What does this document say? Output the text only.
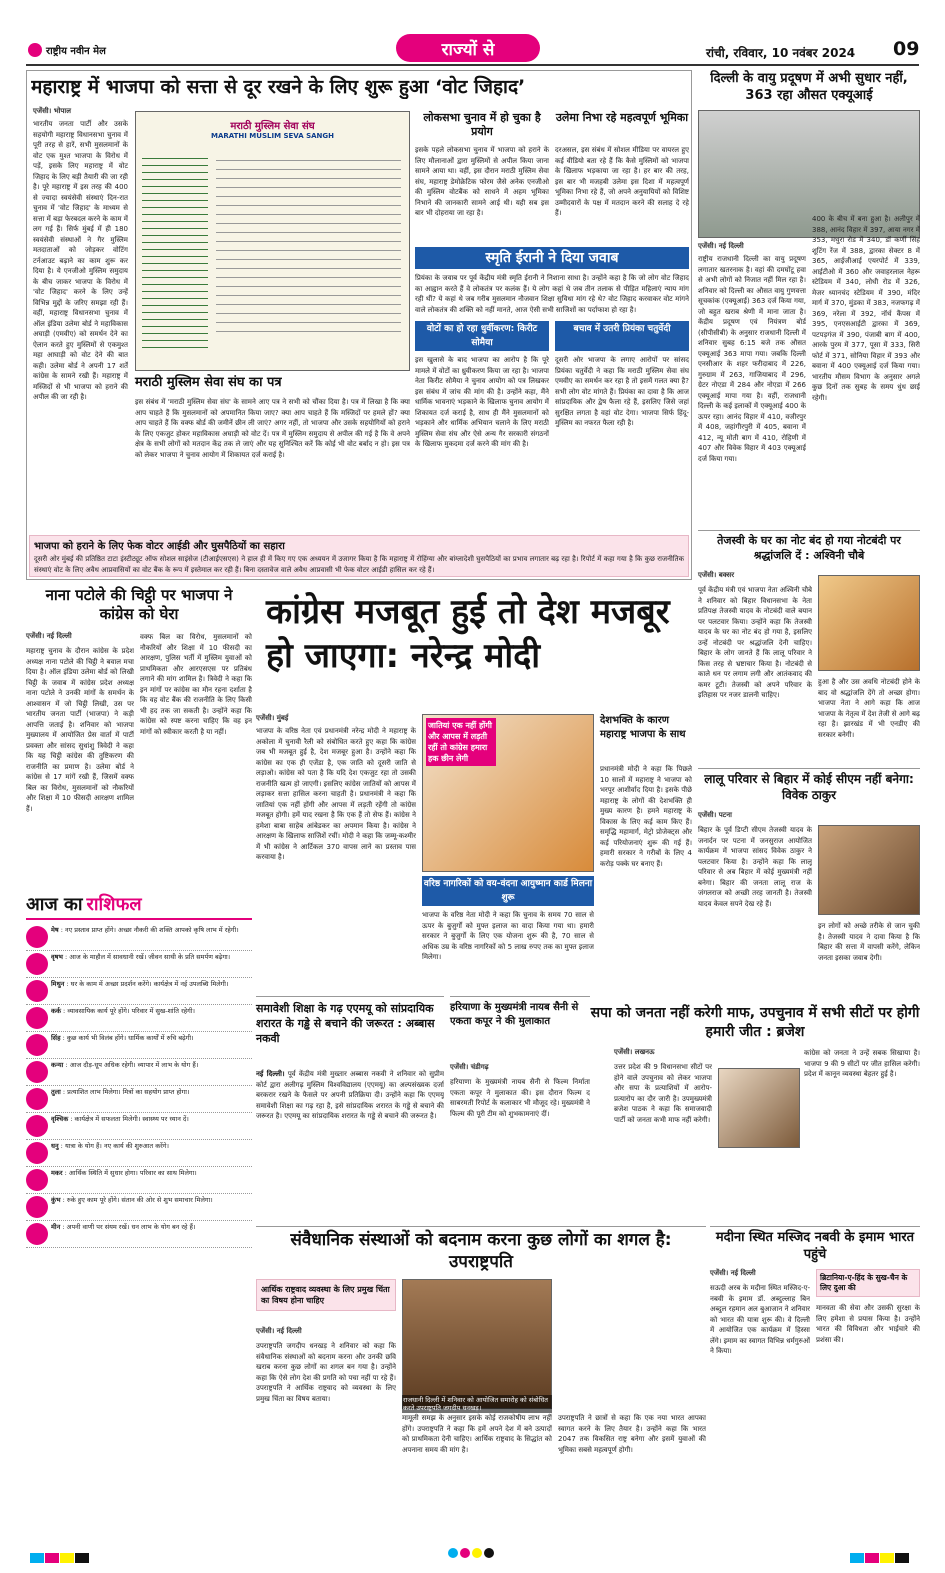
राष्ट्रीय नवीन मेल	राज्यों से	रांची, रविवार, 10 नवंबर 2024	09
महाराष्ट्र में भाजपा को सत्ता से दूर रखने के लिए शुरू हुआ ‘वोट जिहाद’
एजेंसी। भोपाल
भारतीय जनता पार्टी और उसके सहयोगी महाराष्ट्र विधानसभा चुनाव में पूरी तरह से हारें, सभी मुसलमानों के वोट एक मुश्त भाजपा के विरोध में पड़ें, इसके लिए महाराष्ट्र में वोट जिहाद के लिए बड़ी तैयारी की जा रही है। पूरे महाराष्ट्र में इस तरह की 400 से ज्यादा स्वयंसेवी संस्थाएं दिन-रात चुनाव में 'वोट जिहाद' के माध्यम से सत्ता में बड़ा फेरबदल करने के काम में लग गई हैं। सिर्फ मुंबई में ही 180 स्वयंसेवी संस्थाओं ने गैर मुस्लिम मतदाताओं को जोड़कर वोटिंग टर्नआउट बढ़ाने का काम शुरू कर दिया है। ये एनजीओ मुस्लिम समुदाय के बीच जाकर भाजपा के विरोध में 'वोट जिहाद' करने के लिए उन्हें विभिन्न मुद्दों के जरिए समझा रही हैं। वहीं, महाराष्ट्र विधानसभा चुनाव में ऑल इंडिया उलेमा बोर्ड ने महाविकास अघाड़ी (एमवीए) को समर्थन देने का ऐलान करते हुए मुस्लिमों से एकमुश्त महा आघाड़ी को वोट देने की बात कही। उलेमा बोर्ड ने अपनी 17 शर्तें कांग्रेस के सामने रखी हैं। महाराष्ट्र में मस्जिदों से भी भाजपा को हराने की अपील की जा रही है।
मराठी मुस्लिम सेवा संघ
MARATHI MUSLIM SEVA SANGH
लोकसभा चुनाव में हो चुका है प्रयोग
इसके पहले लोकसभा चुनाव में भाजपा को हराने के लिए मौलानाओं द्वारा मुस्लिमों से अपील किया जाना सामने आया था। वहीं, इस दौरान मराठी मुस्लिम सेवा संघ, महाराष्ट्र डेमोक्रेटिक फोरम जैसे अनेक एनजीओ की मुस्लिम वोटबैंक को साधने में अहम भूमिका निभाने की जानकारी सामने आई थी। यही सब इस बार भी दोहराया जा रहा है।
उलेमा निभा रहे महत्वपूर्ण भूमिका
दरअसल, इस संबंध में सोशल मीडिया पर वायरल हुए कई वीडियो बता रहे हैं कि कैसे मुस्लिमों को भाजपा के खिलाफ भड़काया जा रहा है। हर बार की तरह, इस बार भी मजहबी उलेमा इस दिशा में महत्वपूर्ण भूमिका निभा रहे हैं, जो अपने अनुयायियों को विशिष्ट उम्मीदवारों के पक्ष में मतदान करने की सलाह दे रहे हैं।
स्मृति ईरानी ने दिया जवाब
प्रियंका के जवाब पर पूर्व केंद्रीय मंत्री स्मृति ईरानी ने निशाना साधा है। उन्होंने कहा है कि जो लोग वोट जिहाद का आह्वान करते हैं वे लोकतंत्र पर कलंक हैं। ये लोग कहां थे जब तीन तलाक से पीड़ित महिलाएं न्याय मांग रही थीं? ये कहां थे जब गरीब मुसलमान नौजवान शिक्षा सुविधा मांग रहे थे? वोट जिहाद करवाकर वोट मांगने वाले लोकतंत्र की शक्ति को नहीं मानते, आज ऐसी सभी साजिशों का पर्दाफाश हो रहा है।
वोटों का हो रहा धुर्वीकरण: किरीट सोमैया
इस खुलासे के बाद भाजपा का आरोप है कि पूरे मामले में वोटों का ध्रुवीकरण किया जा रहा है। भाजपा नेता किरीट सोमैया ने चुनाव आयोग को पत्र लिखकर इस संबंध में जांच की मांग की है। उन्होंने कहा, मैंने धार्मिक भावनाएं भड़काने के खिलाफ चुनाव आयोग में शिकायत दर्ज कराई है, साथ ही मैंने मुसलमानों को भड़काने और धार्मिक अभियान चलाने के लिए मराठी मुस्लिम सेवा संघ और ऐसे अन्य गैर सरकारी संगठनों के खिलाफ मुकदमा दर्ज करने की मांग की है।
बचाव में उतरी प्रियंका चतुर्वेदी
दूसरी ओर भाजपा के लगाए आरोपों पर सांसद प्रियंका चतुर्वेदी ने कहा कि मराठी मुस्लिम सेवा संघ एमवीए का समर्थन कर रहा है तो इसमें गलत क्या है? सभी लोग वोट मांगते हैं। प्रियंका का दावा है कि आज सांप्रदायिक और द्वेष फैला रहे हैं, इसलिए जिसे जहां सुरक्षित लगता है वहां वोट देगा। भाजपा सिर्फ हिंदू-मुस्लिम का नफरत फैला रही है।
मराठी मुस्लिम सेवा संघ का पत्र
इस संबंध में 'मराठी मुस्लिम सेवा संघ' के सामने आए पत्र ने सभी को चौंका दिया है। पत्र में लिखा है कि क्या आप चाहते हैं कि मुसलमानों को अपमानित किया जाए? क्या आप चाहते हैं कि मस्जिदों पर हमले हों? क्या आप चाहते हैं कि वक्फ बोर्ड की जमीनें छीन ली जाएं? अगर नहीं, तो भाजपा और उसके सहयोगियों को हराने के लिए एकजुट होकर महाविकास अघाड़ी को वोट दें। पत्र में मुस्लिम समुदाय से अपील की गई है कि वे अपने क्षेत्र के सभी लोगों को मतदान केंद्र तक ले जाएं और यह सुनिश्चित करें कि कोई भी वोट बर्बाद न हो। इस पत्र को लेकर भाजपा ने चुनाव आयोग में शिकायत दर्ज कराई है।
भाजपा को हराने के लिए फेक वोटर आईडी और घुसपैठियों का सहारा
दूसरी ओर मुंबई की प्रतिष्ठित टाटा इंस्टीट्यूट ऑफ सोशल साइंसेज (टीआईएसएस) ने हाल ही में किए गए एक अध्ययन में उजागर किया है कि महाराष्ट्र में रोहिंग्या और बांग्लादेशी घुसपैठियों का प्रभाव लगातार बढ़ रहा है। रिपोर्ट में कहा गया है कि कुछ राजनीतिक संस्थाएं वोट के लिए अवैध आप्रवासियों का वोट बैंक के रूप में इस्तेमाल कर रही हैं। बिना दस्तावेज वाले अवैध आप्रवासी भी फेक वोटर आईडी हासिल कर रहे हैं।
दिल्ली के वायु प्रदूषण में अभी सुधार नहीं, 363 रहा औसत एक्यूआई
एजेंसी। नई दिल्ली
राष्ट्रीय राजधानी दिल्ली का वायु प्रदूषण लगातार खतरनाक है। वहां की दमघोंटू हवा से अभी लोगों को निजात नहीं मिल रहा है। शनिवार को दिल्ली का औसत वायु गुणवत्ता सूचकांक (एक्यूआई) 363 दर्ज किया गया, जो बहुत खराब श्रेणी में माना जाता है। केंद्रीय प्रदूषण एवं नियंत्रण बोर्ड (सीपीसीबी) के अनुसार राजधानी दिल्ली में शनिवार सुबह 6:15 बजे तक औसत एक्यूआई 363 मापा गया। जबकि दिल्ली एनसीआर के शहर फरीदाबाद में 226, गुरुग्राम में 263, गाजियाबाद में 296, ग्रेटर नोएडा में 284 और नोएडा में 266 एक्यूआई मापा गया है। वहीं, राजधानी दिल्ली के कई इलाकों में एक्यूआई 400 के ऊपर रहा। आनंद विहार में 410, वजीरपुर में 408, जहांगीरपुरी में 405, बवाना में 412, न्यू मोती बाग में 410, रोहिणी में 407 और विवेक विहार में 403 एक्यूआई दर्ज किया गया।
400 के बीच में बना हुआ है। अलीपुर में 388, आनंद विहार में 397, आया नगर में 353, मथुरा रोड में 340, डॉ कर्णी सिंह शूटिंग रेंज में 388, द्वारका सेक्टर 8 में 365, आईजीआई एयरपोर्ट में 339, आईटीओ में 360 और जवाहरलाल नेहरू स्टेडियम में 340, लोधी रोड में 326, मेजर ध्यानचंद स्टेडियम में 390, मंदिर मार्ग में 370, मुंडका में 383, नजफगढ़ में 369, नरेला में 392, नॉर्थ कैंपस में 395, एनएसआईटी द्वारका में 369, पटपड़गंज में 390, पंजाबी बाग में 400, आरके पुरम में 377, पूसा में 333, सिरी फोर्ट में 371, सोनिया विहार में 393 और बवाना में 400 एक्यूआई दर्ज किया गया। भारतीय मौसम विभाग के अनुसार अगले कुछ दिनों तक सुबह के समय धुंध छाई रहेगी।
तेजस्वी के घर का नोट बंद हो गया नोटबंदी पर श्रद्धांजलि दें : अश्विनी चौबे
एजेंसी। बक्सर
पूर्व केंद्रीय मंत्री एवं भाजपा नेता अश्विनी चौबे ने शनिवार को बिहार विधानसभा के नेता प्रतिपक्ष तेजस्वी यादव के नोटबंदी वाले बयान पर पलटवार किया। उन्होंने कहा कि तेजस्वी यादव के घर का नोट बंद हो गया है, इसलिए उन्हें नोटबंदी पर श्रद्धांजलि देनी चाहिए। बिहार के लोग जानते हैं कि लालू परिवार ने किस तरह से भ्रष्टाचार किया है। नोटबंदी से काले धन पर लगाम लगी और आतंकवाद की कमर टूटी। तेजस्वी को अपने परिवार के इतिहास पर नजर डालनी चाहिए।
हुआ है और उस अवधि नोटबंदी होने के बाद वो श्रद्धांजलि देंगे तो अच्छा होगा। भाजपा नेता ने आगे कहा कि आज भाजपा के नेतृत्व में देश तेजी से आगे बढ़ रहा है। झारखंड में भी एनडीए की सरकार बनेगी।
लालू परिवार से बिहार में कोई सीएम नहीं बनेगा: विवेक ठाकुर
एजेंसी। पटना
बिहार के पूर्व डिप्टी सीएम तेजस्वी यादव के जनार्दन पर पटना में जनसुराज आयोजित कार्यक्रम में भाजपा सांसद विवेक ठाकुर ने पलटवार किया है। उन्होंने कहा कि लालू परिवार से अब बिहार में कोई मुख्यमंत्री नहीं बनेगा। बिहार की जनता लालू राज के जंगलराज को अच्छी तरह जानती है। तेजस्वी यादव केवल सपने देख रहे हैं।
इन लोगों को अच्छे तरीके से जान चुकी है। तेजस्वी यादव ने दावा किया है कि बिहार की सत्ता में वापसी करेंगे, लेकिन जनता इसका जवाब देगी।
नाना पटोले की चिट्ठी पर भाजपा ने कांग्रेस को घेरा
एजेंसी। नई दिल्ली
महाराष्ट्र चुनाव के दौरान कांग्रेस के प्रदेश अध्यक्ष नाना पटोले की चिट्ठी ने बवाल मचा दिया है। ऑल इंडिया उलेमा बोर्ड को लिखी चिट्ठी के जवाब में कांग्रेस प्रदेश अध्यक्ष नाना पटोले ने उनकी मांगों के समर्थन के आश्वासन में जो चिट्ठी लिखी, उस पर भारतीय जनता पार्टी (भाजपा) ने कड़ी आपत्ति जताई है। शनिवार को भाजपा मुख्यालय में आयोजित प्रेस वार्ता में पार्टी प्रवक्ता और सांसद सुधांशु त्रिवेदी ने कहा कि यह चिट्ठी कांग्रेस की तुष्टिकरण की राजनीति का प्रमाण है। उलेमा बोर्ड ने कांग्रेस से 17 मांगें रखी हैं, जिसमें वक्फ बिल का विरोध, मुसलमानों को नौकरियों और शिक्षा में 10 फीसदी आरक्षण शामिल हैं।
वक्फ बिल का विरोध, मुसलमानों को नौकरियों और शिक्षा में 10 फीसदी का आरक्षण, पुलिस भर्ती में मुस्लिम युवाओं को प्राथमिकता और आरएसएस पर प्रतिबंध लगाने की मांग शामिल है। त्रिवेदी ने कहा कि इन मांगों पर कांग्रेस का मौन रहना दर्शाता है कि वह वोट बैंक की राजनीति के लिए किसी भी हद तक जा सकती है। उन्होंने कहा कि कांग्रेस को स्पष्ट करना चाहिए कि वह इन मांगों को स्वीकार करती है या नहीं।
कांग्रेस मजबूत हुई तो देश मजबूर हो जाएगा: नरेन्द्र मोदी
एजेंसी। मुंबई
भाजपा के वरिष्ठ नेता एवं प्रधानमंत्री नरेन्द्र मोदी ने महाराष्ट्र के अकोला में चुनावी रैली को संबोधित करते हुए कहा कि कांग्रेस जब भी मजबूत हुई है, देश मजबूर हुआ है। उन्होंने कहा कि कांग्रेस का एक ही एजेंडा है, एक जाति को दूसरी जाति से लड़ाओ। कांग्रेस को पता है कि यदि देश एकजुट रहा तो उसकी राजनीति खत्म हो जाएगी। इसलिए कांग्रेस जातियों को आपस में लड़ाकर सत्ता हासिल करना चाहती है। प्रधानमंत्री ने कहा कि जातियां एक नहीं होंगी और आपस में लड़ती रहेंगी तो कांग्रेस मजबूत होगी। हमें याद रखना है कि एक हैं तो सेफ हैं। कांग्रेस ने हमेशा बाबा साहेब आंबेडकर का अपमान किया है। कांग्रेस ने आरक्षण के खिलाफ साजिशें रचीं। मोदी ने कहा कि जम्मू-कश्मीर में भी कांग्रेस ने आर्टिकल 370 वापस लाने का प्रस्ताव पास करवाया है।
जातियां एक नहीं होंगी और आपस में लड़ती रहीं तो कांग्रेस हमारा हक छीन लेगी
वरिष्ठ नागरिकों को वय-वंदना आयुष्मान कार्ड मिलना शुरू
भाजपा के वरिष्ठ नेता मोदी ने कहा कि चुनाव के समय 70 साल से ऊपर के बुजुर्गों को मुफ्त इलाज का वादा किया गया था। हमारी सरकार ने बुजुर्गों के लिए एक योजना शुरू की है, 70 साल से अधिक उम्र के वरिष्ठ नागरिकों को 5 लाख रुपए तक का मुफ्त इलाज मिलेगा।
देशभक्ति के कारण महाराष्ट्र भाजपा के साथ
प्रधानमंत्री मोदी ने कहा कि पिछले 10 सालों में महाराष्ट्र ने भाजपा को भरपूर आशीर्वाद दिया है। इसके पीछे महाराष्ट्र के लोगों की देशभक्ति ही मुख्य कारण है। हमने महाराष्ट्र के विकास के लिए कई काम किए हैं। समृद्धि महामार्ग, मेट्रो प्रोजेक्ट्स और कई परियोजनाएं शुरू की गई हैं। हमारी सरकार ने गरीबों के लिए 4 करोड़ पक्के घर बनाए हैं।
आज का राशिफल
मेष : नए प्रस्ताव प्राप्त होंगे। अच्छा नौकरी की शक्ति आपको कृषि लाभ में रहेगी।
वृषभ : आज के माहौल में सावधानी रखें। जीवन साथी के प्रति समर्पण बढ़ेगा।
मिथुन : घर के काम में अच्छा प्रदर्शन करेंगे। कार्यक्षेत्र में नई उपलब्धि मिलेगी।
कर्क : व्यावसायिक कार्य पूरे होंगे। परिवार में सुख-शांति रहेगी।
सिंह : कुछ कार्य भी विलंब होंगे। धार्मिक कार्यों में रुचि बढ़ेगी।
कन्या : आज दौड़-धूप अधिक रहेगी। व्यापार में लाभ के योग हैं।
तुला : प्रत्याशित लाभ मिलेगा। मित्रों का सहयोग प्राप्त होगा।
वृश्चिक : कार्यक्षेत्र में सफलता मिलेगी। स्वास्थ्य पर ध्यान दें।
धनु : यात्रा के योग हैं। नए कार्य की शुरुआत करेंगे।
मकर : आर्थिक स्थिति में सुधार होगा। परिवार का साथ मिलेगा।
कुंभ : रुके हुए काम पूरे होंगे। संतान की ओर से शुभ समाचार मिलेगा।
मीन : अपनी वाणी पर संयम रखें। धन लाभ के योग बन रहे हैं।
समावेशी शिक्षा के गढ़ एएमयू को सांप्रदायिक शरारत के गड्ढे से बचाने की जरूरत : अब्बास नकवी
नई दिल्ली। पूर्व केंद्रीय मंत्री मुख्तार अब्बास नकवी ने शनिवार को सुप्रीम कोर्ट द्वारा अलीगढ़ मुस्लिम विश्वविद्यालय (एएमयू) का अल्पसंख्यक दर्जा बरकरार रखने के फैसले पर अपनी प्रतिक्रिया दी। उन्होंने कहा कि एएमयू समावेशी शिक्षा का गढ़ रहा है, इसे सांप्रदायिक शरारत के गड्ढे से बचाने की जरूरत है। एएमयू का सांप्रदायिक शरारत के गड्ढे से बचाने की जरूरत है।
हरियाणा के मुख्यमंत्री नायब सैनी से एकता कपूर ने की मुलाकात
एजेंसी। चंडीगढ़
हरियाणा के मुख्यमंत्री नायब सैनी से फिल्म निर्माता एकता कपूर ने मुलाकात की। इस दौरान फिल्म द साबरमती रिपोर्ट के कलाकार भी मौजूद रहे। मुख्यमंत्री ने फिल्म की पूरी टीम को शुभकामनाएं दीं।
सपा को जनता नहीं करेगी माफ, उपचुनाव में सभी सीटों पर होगी हमारी जीत : ब्रजेश
एजेंसी। लखनऊ
उत्तर प्रदेश की 9 विधानसभा सीटों पर होने वाले उपचुनाव को लेकर भाजपा और सपा के प्रत्याशियों में आरोप-प्रत्यारोप का दौर जारी है। उपमुख्यमंत्री ब्रजेश पाठक ने कहा कि समाजवादी पार्टी को जनता कभी माफ नहीं करेगी।
कांग्रेस को जनता ने उन्हें सबक सिखाया है। भाजपा 9 की 9 सीटों पर जीत हासिल करेगी। प्रदेश में कानून व्यवस्था बेहतर हुई है।
संवैधानिक संस्थाओं को बदनाम करना कुछ लोगों का शगल है: उपराष्ट्रपति
आर्थिक राष्ट्रवाद व्यवस्था के लिए प्रमुख चिंता का विषय होना चाहिए
एजेंसी। नई दिल्ली
उपराष्ट्रपति जगदीप धनखड़ ने शनिवार को कहा कि संवैधानिक संस्थाओं को बदनाम करना और उनकी छवि खराब करना कुछ लोगों का शगल बन गया है। उन्होंने कहा कि ऐसे लोग देश की प्रगति को पचा नहीं पा रहे हैं। उपराष्ट्रपति ने आर्थिक राष्ट्रवाद को व्यवस्था के लिए प्रमुख चिंता का विषय बताया।	राजधानी दिल्ली में शनिवार को आयोजित समारोह को संबोधित करते उपराष्ट्रपति जगदीप धनखड़।
मामूली समझ के अनुसार इसके कोई राजकोषीय लाभ नहीं होंगे। उपराष्ट्रपति ने कहा कि हमें अपने देश में बने उत्पादों को प्राथमिकता देनी चाहिए। आर्थिक राष्ट्रवाद के सिद्धांत को अपनाना समय की मांग है।
उपराष्ट्रपति ने छात्रों से कहा कि एक नया भारत आपका स्वागत करने के लिए तैयार है। उन्होंने कहा कि भारत 2047 तक विकसित राष्ट्र बनेगा और इसमें युवाओं की भूमिका सबसे महत्वपूर्ण होगी।
मदीना स्थित मस्जिद नबवी के इमाम भारत पहुंचे
एजेंसी। नई दिल्ली
सऊदी अरब के मदीना स्थित मस्जिद-ए-नबवी के इमाम डॉ. अब्दुल्लाह बिन अब्दुल रहमान अल बुआजान ने शनिवार को भारत की यात्रा शुरू की। वे दिल्ली में आयोजित एक कार्यक्रम में हिस्सा लेंगे। इमाम का स्वागत विभिन्न धर्मगुरुओं ने किया।
ब्रिटानिया-ए-हिंद के सुख-चैन के लिए दुआ की
मानवता की सेवा और उसकी सुरक्षा के लिए हमेशा से प्रयास किया है। उन्होंने भारत की विविधता और भाईचारे की प्रशंसा की।
